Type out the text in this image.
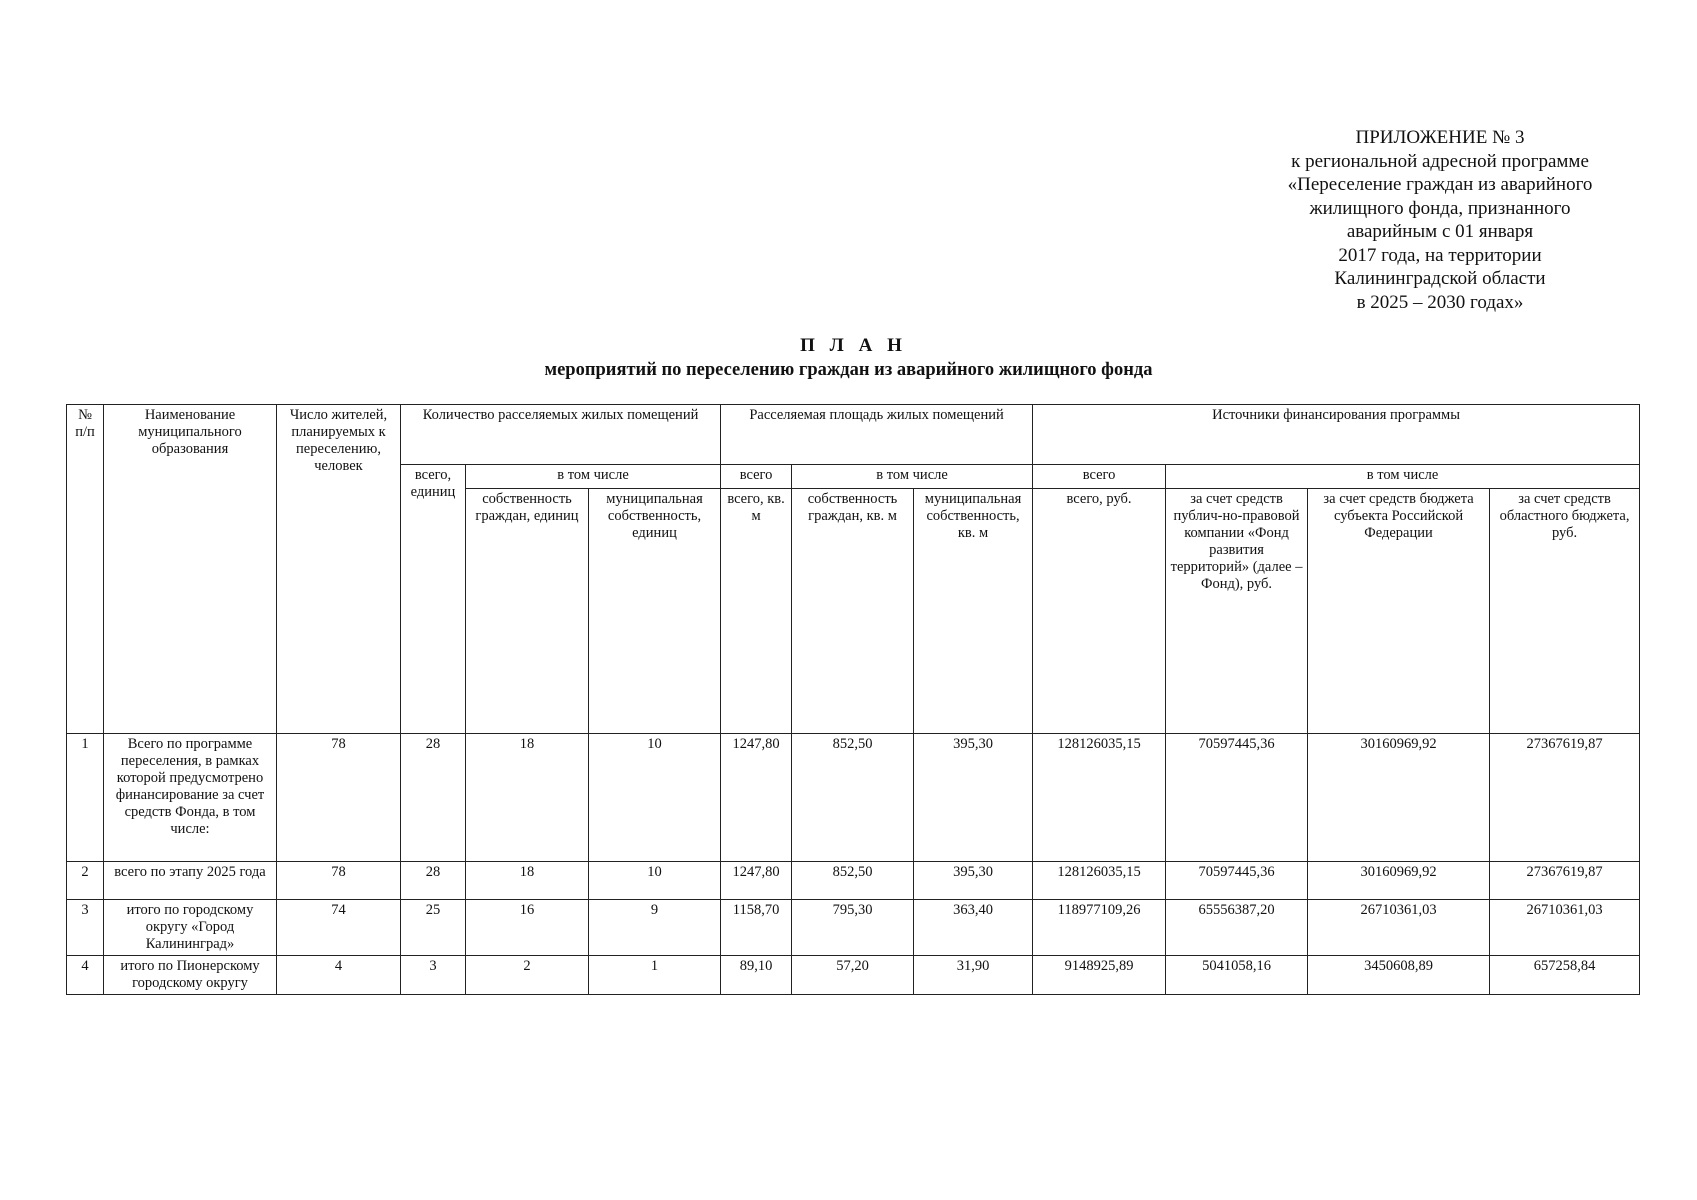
ПРИЛОЖЕНИЕ № 3
к региональной адресной программе
«Переселение граждан из аварийного
жилищного фонда, признанного
аварийным с 01 января
2017 года, на территории
Калининградской области
в 2025 – 2030 годах»
П Л А Н
мероприятий по переселению граждан из аварийного жилищного фонда
№ п/п	Наименование муниципального образования	Число жителей, планируемых к переселению, человек	Количество расселяемых жилых помещений			Расселяемая площадь жилых помещений			Источники финансирования программы			
			всего, единиц	в том числе		всего	в том числе		всего	в том числе		
				собственность граждан, единиц	муниципальная собственность, единиц	всего, кв. м	собственность граждан, кв. м	муниципальная собственность, кв. м	всего, руб.	за счет средств публич-но-правовой компании «Фонд развития территорий» (далее – Фонд), руб.	за счет средств бюджета субъекта Российской Федерации	за счет средств областного бюджета, руб.
1	Всего по программе переселения, в рамках которой предусмотрено финансирование за счет средств Фонда, в том числе:	78	28	18	10	1247,80	852,50	395,30	128126035,15	70597445,36	30160969,92	27367619,87
2	всего по этапу 2025 года	78	28	18	10	1247,80	852,50	395,30	128126035,15	70597445,36	30160969,92	27367619,87
3	итого по городскому округу «Город Калининград»	74	25	16	9	1158,70	795,30	363,40	118977109,26	65556387,20	26710361,03	26710361,03
4	итого по Пионерскому городскому округу	4	3	2	1	89,10	57,20	31,90	9148925,89	5041058,16	3450608,89	657258,84
